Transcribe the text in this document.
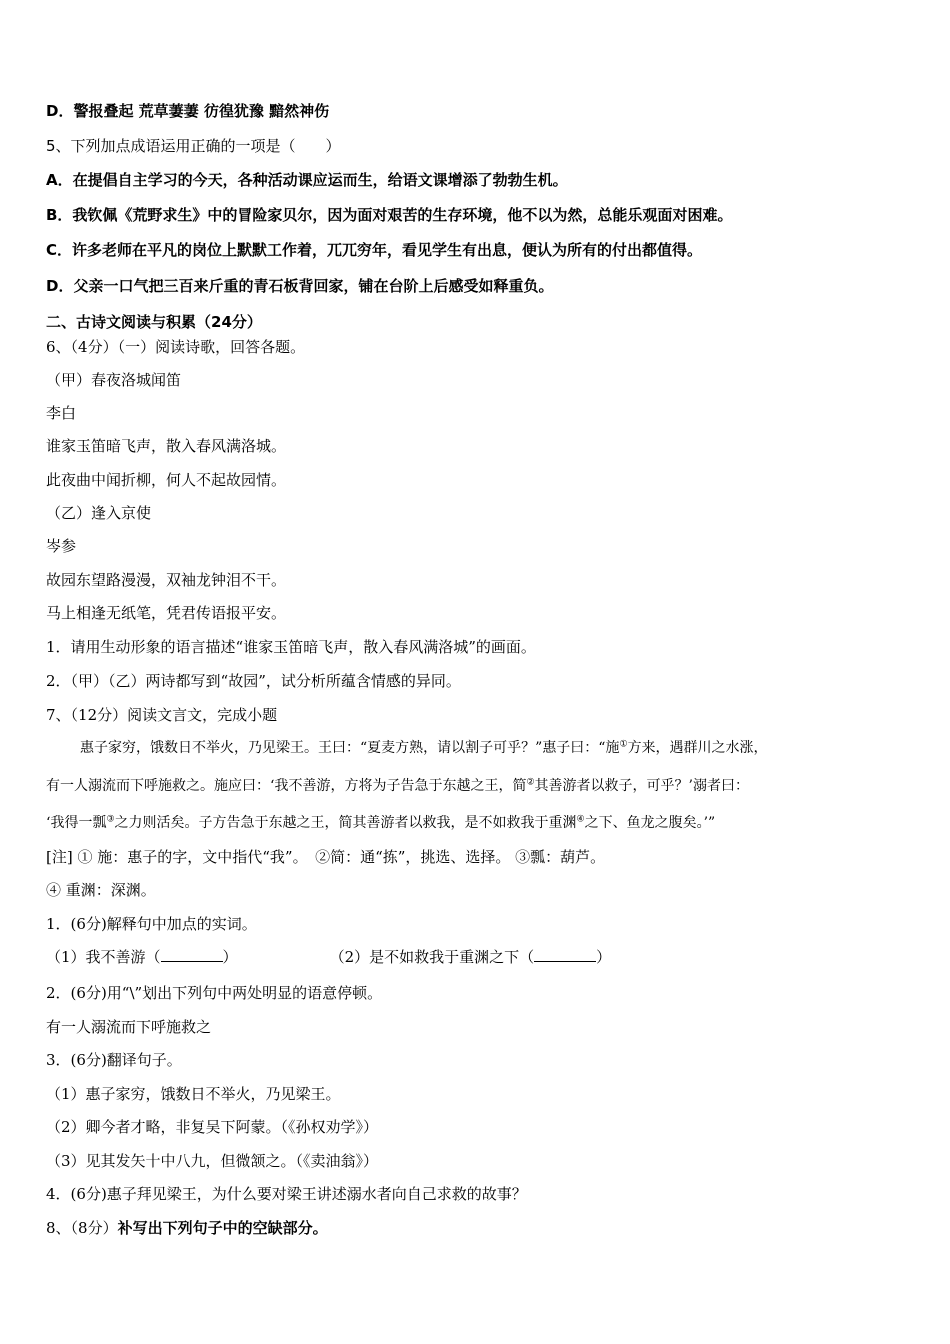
D．警报叠起 荒草萋萋 彷徨犹豫 黯然神伤
5、下列加点成语运用正确的一项是（　　）
A．在提倡自主学习的今天，各种活动课应运而生，给语文课增添了勃勃生机。
B．我钦佩《荒野求生》中的冒险家贝尔，因为面对艰苦的生存环境，他不以为然，总能乐观面对困难。
C．许多老师在平凡的岗位上默默工作着，兀兀穷年，看见学生有出息，便认为所有的付出都值得。
D．父亲一口气把三百来斤重的青石板背回家，铺在台阶上后感受如释重负。
二、古诗文阅读与积累（24分）
6、（4分）（一）阅读诗歌，回答各题。
（甲）春夜洛城闻笛
李白
谁家玉笛暗飞声，散入春风满洛城。
此夜曲中闻折柳，何人不起故园情。
（乙）逢入京使
岑参
故园东望路漫漫，双袖龙钟泪不干。
马上相逢无纸笔，凭君传语报平安。
1．请用生动形象的语言描述“谁家玉笛暗飞声，散入春风满洛城”的画面。
2．（甲）（乙）两诗都写到“故园”，试分析所蕴含情感的异同。
7、（12分）阅读文言文，完成小题
惠子家穷，饿数日不举火，乃见梁王。王曰：“夏麦方熟，请以割子可乎？”惠子曰：“施①方来，遇群川之水涨，
有一人溺流而下呼施救之。施应曰：‘我不善游，方将为子告急于东越之王，简②其善游者以救子，可乎？’溺者曰：
‘我得一瓢③之力则活矣。子方告急于东越之王，简其善游者以救我，是不如救我于重渊④之下、鱼龙之腹矣。’”
[注] ① 施：惠子的字，文中指代“我”。　②简：通“拣”，挑选、选择。 ③瓢：葫芦。
④ 重渊：深渊。
1．(6分)解释句中加点的实词。
（1）我不善游（	）	（2）是不如救我于重渊之下（	）
2．(6分)用“\”划出下列句中两处明显的语意停顿。
有一人溺流而下呼施救之
3．(6分)翻译句子。
（1）惠子家穷，饿数日不举火，乃见梁王。
（2）卿今者才略，非复吴下阿蒙。（《孙权劝学》）
（3）见其发矢十中八九，但微颔之。（《卖油翁》）
4．(6分)惠子拜见梁王，为什么要对梁王讲述溺水者向自己求救的故事？
8、（8分）补写出下列句子中的空缺部分。
